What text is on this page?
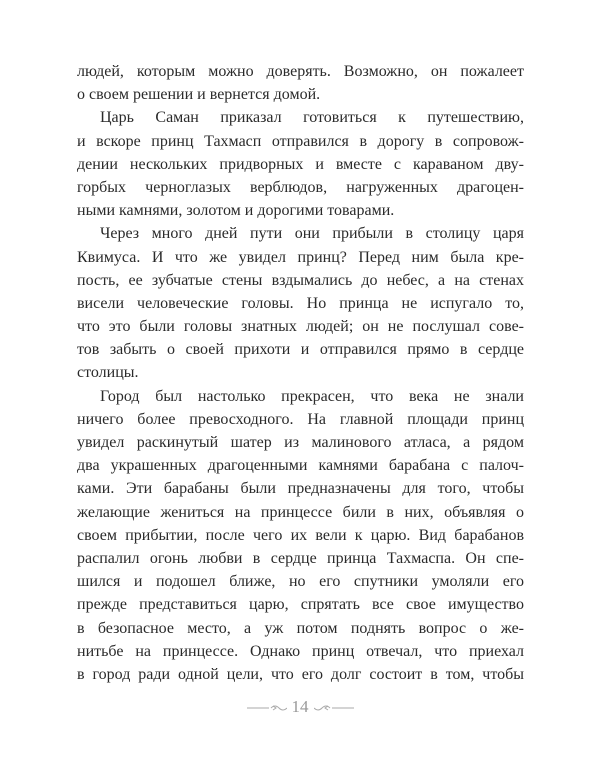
людей, которым можно доверять. Возможно, он пожалеет
о своем решении и вернется домой.
Царь Саман приказал готовиться к путешествию,
и вскоре принц Тахмасп отправился в дорогу в сопровож-
дении нескольких придворных и вместе с караваном дву-
горбых черноглазых верблюдов, нагруженных драгоцен-
ными камнями, золотом и дорогими товарами.
Через много дней пути они прибыли в столицу царя
Квимуса. И что же увидел принц? Перед ним была кре-
пость, ее зубчатые стены вздымались до небес, а на стенах
висели человеческие головы. Но принца не испугало то,
что это были головы знатных людей; он не послушал сове-
тов забыть о своей прихоти и отправился прямо в сердце
столицы.
Город был настолько прекрасен, что века не знали
ничего более превосходного. На главной площади принц
увидел раскинутый шатер из малинового атласа, а рядом
два украшенных драгоценными камнями барабана с палоч-
ками. Эти барабаны были предназначены для того, чтобы
желающие жениться на принцессе били в них, объявляя о
своем прибытии, после чего их вели к царю. Вид барабанов
распалил огонь любви в сердце принца Тахмаспа. Он спе-
шился и подошел ближе, но его спутники умоляли его
прежде представиться царю, спрятать все свое имущество
в безопасное место, а уж потом поднять вопрос о же-
нитьбе на принцессе. Однако принц отвечал, что приехал
в город ради одной цели, что его долг состоит в том, чтобы
14
